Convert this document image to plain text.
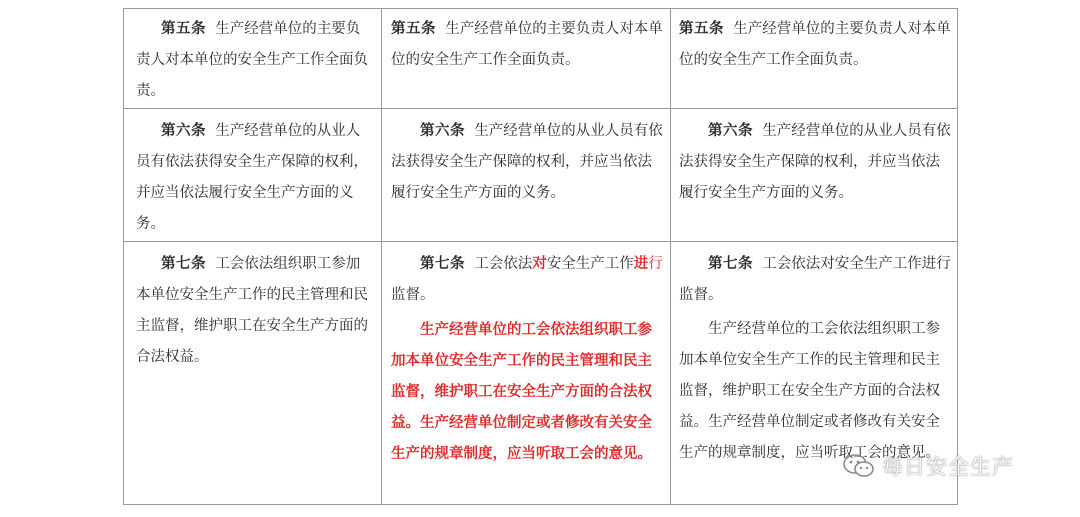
第五条 生产经营单位的主要负责人对本单位的安全生产工作全面负责。

第五条 生产经营单位的主要负责人对本单位的安全生产工作全面负责。

第五条 生产经营单位的主要负责人对本单位的安全生产工作全面负责。

第六条 生产经营单位的从业人员有依法获得安全生产保障的权利，并应当依法履行安全生产方面的义务。

第六条 生产经营单位的从业人员有依法获得安全生产保障的权利，并应当依法履行安全生产方面的义务。

第六条 生产经营单位的从业人员有依法获得安全生产保障的权利，并应当依法履行安全生产方面的义务。

第七条 工会依法组织职工参加本单位安全生产工作的民主管理和民主监督，维护职工在安全生产方面的合法权益。

第七条 工会依法对安全生产工作进行监督。

生产经营单位的工会依法组织职工参加本单位安全生产工作的民主管理和民主监督，维护职工在安全生产方面的合法权益。生产经营单位制定或者修改有关安全生产的规章制度，应当听取工会的意见。

第七条 工会依法对安全生产工作进行监督。

生产经营单位的工会依法组织职工参加本单位安全生产工作的民主管理和民主监督，维护职工在安全生产方面的合法权益。生产经营单位制定或者修改有关安全生产的规章制度，应当听取工会的意见。

每日安全生产
